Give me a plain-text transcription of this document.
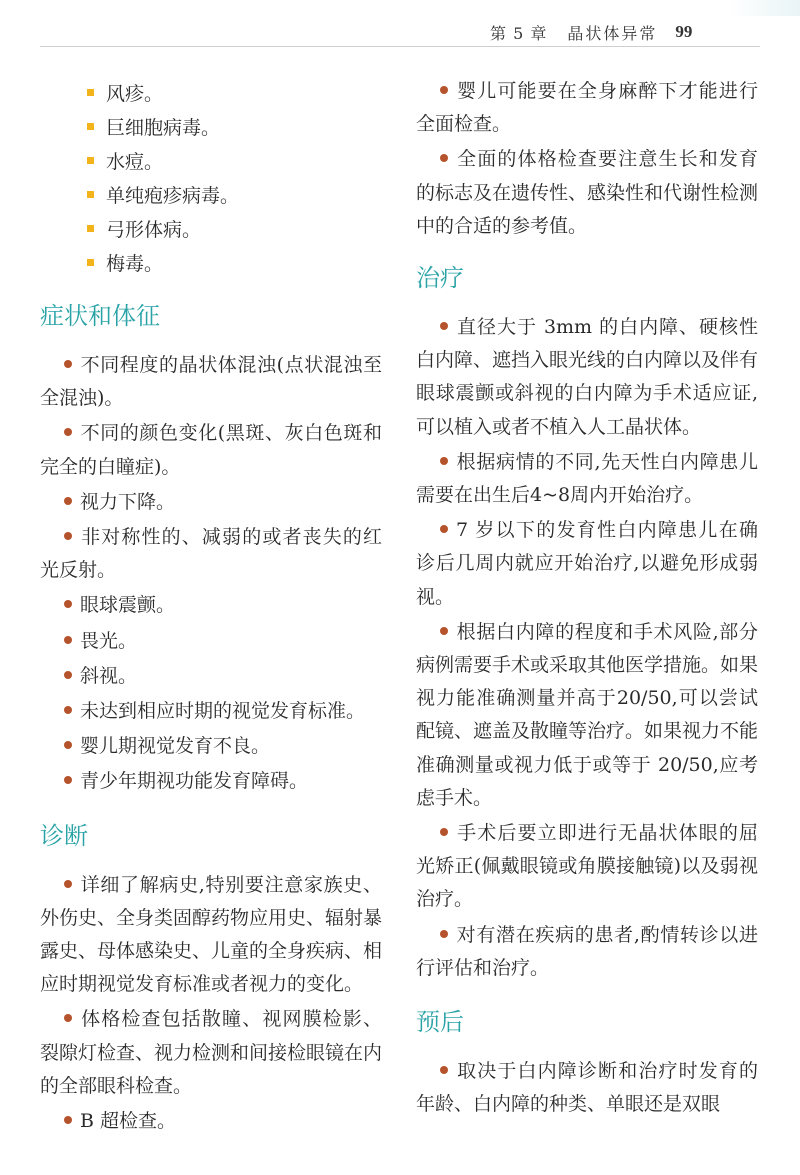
第 5 章 晶状体异常 99
风疹。
巨细胞病毒。
水痘。
单纯疱疹病毒。
弓形体病。
梅毒。
症状和体征
不同程度的晶状体混浊(点状混浊至全混浊)。
不同的颜色变化(黑斑、灰白色斑和完全的白瞳症)。
视力下降。
非对称性的、减弱的或者丧失的红光反射。
眼球震颤。
畏光。
斜视。
未达到相应时期的视觉发育标准。
婴儿期视觉发育不良。
青少年期视功能发育障碍。
诊断
详细了解病史,特别要注意家族史、外伤史、全身类固醇药物应用史、辐射暴露史、母体感染史、儿童的全身疾病、相应时期视觉发育标准或者视力的变化。
体格检查包括散瞳、视网膜检影、裂隙灯检查、视力检测和间接检眼镜在内的全部眼科检查。
B 超检查。
婴儿可能要在全身麻醉下才能进行全面检查。
全面的体格检查要注意生长和发育的标志及在遗传性、感染性和代谢性检测中的合适的参考值。
治疗
直径大于 3mm 的白内障、硬核性白内障、遮挡入眼光线的白内障以及伴有眼球震颤或斜视的白内障为手术适应证,可以植入或者不植入人工晶状体。
根据病情的不同,先天性白内障患儿需要在出生后4~8周内开始治疗。
7 岁以下的发育性白内障患儿在确诊后几周内就应开始治疗,以避免形成弱视。
根据白内障的程度和手术风险,部分病例需要手术或采取其他医学措施。如果视力能准确测量并高于20/50,可以尝试配镜、遮盖及散瞳等治疗。如果视力不能准确测量或视力低于或等于 20/50,应考虑手术。
手术后要立即进行无晶状体眼的屈光矫正(佩戴眼镜或角膜接触镜)以及弱视治疗。
对有潜在疾病的患者,酌情转诊以进行评估和治疗。
预后
取决于白内障诊断和治疗时发育的年龄、白内障的种类、单眼还是双眼
